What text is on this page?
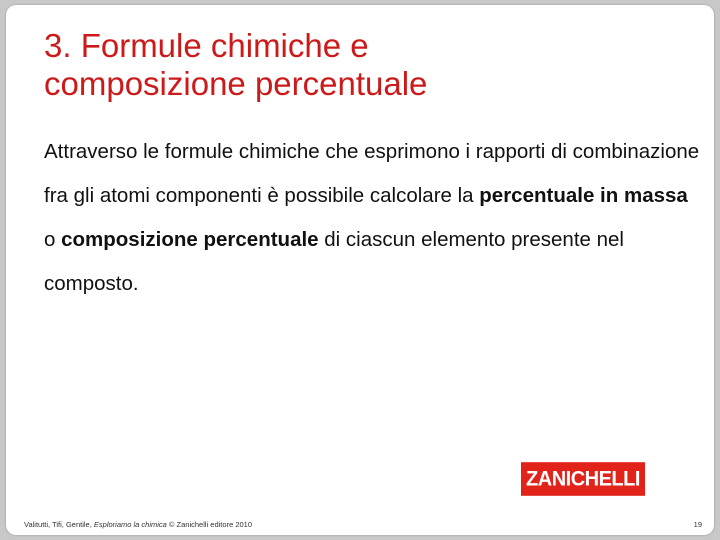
3. Formule chimiche e
composizione percentuale

Attraverso le formule chimiche che esprimono i rapporti di combinazione fra gli atomi componenti è possibile calcolare la percentuale in massa o composizione percentuale di ciascun elemento presente nel composto.

ZANICHELLI
Valitutti, Tifi, Gentile, Esploriamo la chimica © Zanichelli editore 2010	19
